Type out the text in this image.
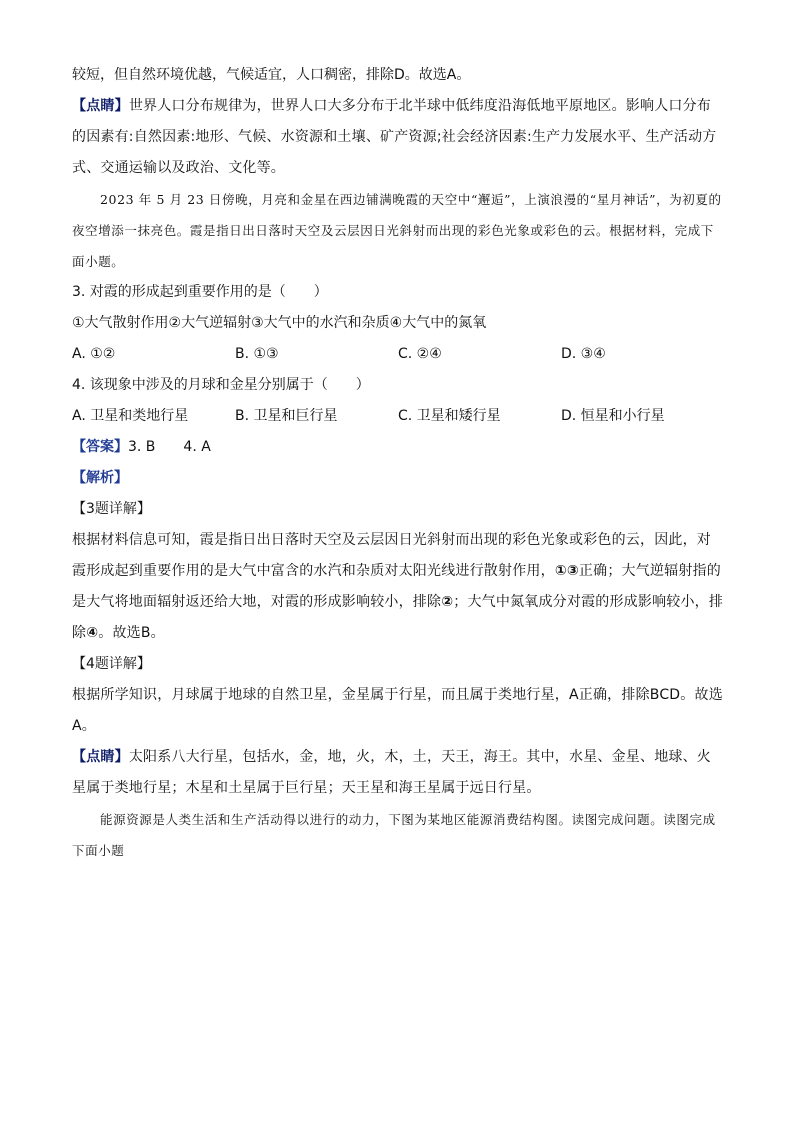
较短，但自然环境优越，气候适宜，人口稠密，排除D。故选A。
【点睛】世界人口分布规律为，世界人口大多分布于北半球中低纬度沿海低地平原地区。影响人口分布的因素有:自然因素:地形、气候、水资源和土壤、矿产资源;社会经济因素:生产力发展水平、生产活动方式、交通运输以及政治、文化等。
2023 年 5 月 23 日傍晚，月亮和金星在西边铺满晚霞的天空中“邂逅”，上演浪漫的“星月神话”，为初夏的夜空增添一抹亮色。霞是指日出日落时天空及云层因日光斜射而出现的彩色光象或彩色的云。根据材料，完成下面小题。
3. 对霞的形成起到重要作用的是（　　）
①大气散射作用②大气逆辐射③大气中的水汽和杂质④大气中的氮氧
A. ①②	B. ①③	C. ②④	D. ③④
4. 该现象中涉及的月球和金星分别属于（　　）
A. 卫星和类地行星	B. 卫星和巨行星	C. 卫星和矮行星	D. 恒星和小行星
【答案】3. B 4. A
【解析】
【3题详解】
根据材料信息可知，霞是指日出日落时天空及云层因日光斜射而出现的彩色光象或彩色的云，因此，对霞形成起到重要作用的是大气中富含的水汽和杂质对太阳光线进行散射作用，①③正确；大气逆辐射指的是大气将地面辐射返还给大地，对霞的形成影响较小，排除②；大气中氮氧成分对霞的形成影响较小，排除④。故选B。
【4题详解】
根据所学知识，月球属于地球的自然卫星，金星属于行星，而且属于类地行星，A正确，排除BCD。故选A。
【点睛】太阳系八大行星，包括水，金，地，火，木，土，天王，海王。其中，水星、金星、地球、火星属于类地行星；木星和土星属于巨行星；天王星和海王星属于远日行星。
能源资源是人类生活和生产活动得以进行的动力，下图为某地区能源消费结构图。读图完成问题。读图完成下面小题
